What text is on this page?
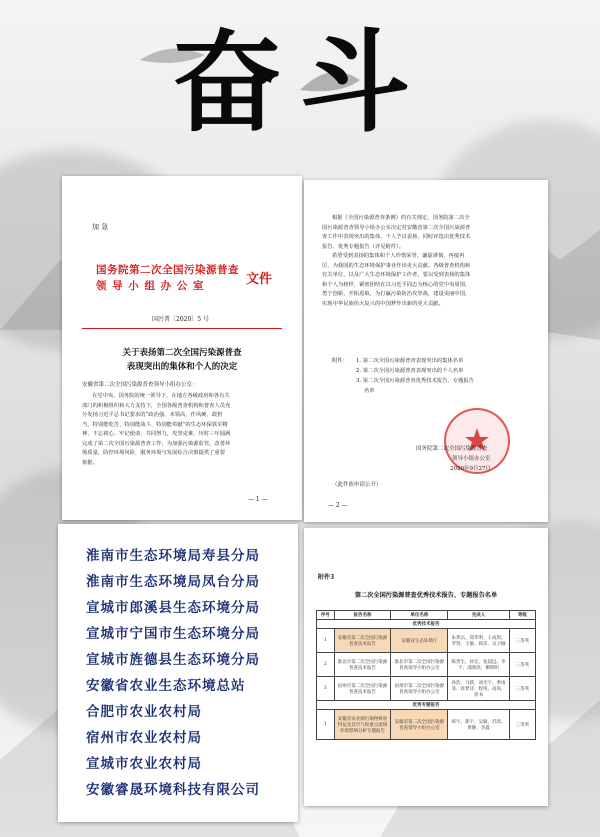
奋斗
加 急
国务院第二次全国污染源普查
领 导 小 组 办 公 室	文件
国污普〔2020〕5 号
关于表扬第二次全国污染源普查
表现突出的集体和个人的决定
安徽省第二次全国污染源普查领导小组办公室：
在党中央、国务院的统一领导下，在地方各级政府和各有关
部门的积极组织和大力支持下，全国各级普查机构和普查人员充
分发扬习近平总书记要求的“政治强、本领高、作风硬、敢担
当，特别能吃苦、特别能战斗、特别能奉献”的生态环保铁军精
神，不忘初心、牢记使命，共同努力，攻坚克难，历时三年圆满
完成了第二次全国污染源普查工作，为加强污染源监管，改善环
境质量，防控环境风险，服务环境与发展综合决策提供了重要
依据。
— 1 —
根据《全国污染源普查条例》的有关规定，国务院第二次全
国污染源普查领导小组办公室决定对安徽省第二次全国污染源普
查工作中表现突出的集体、个人予以表扬，同时评选出优秀技术
报告、优秀专题报告（详见附件）。
希望受到表扬的集体和个人珍惜荣誉，谦虚谨慎，再接再
厉，为我国的生态环境保护事业作出更大贡献。各级普查机构和
有关单位，以及广大生态环境保护工作者，要以受到表扬的集体
和个人为榜样，紧密团结在以习近平同志为核心的党中央周围，
勇于创新，开拓进取，为打赢污染防治攻坚战，建设美丽中国，
实现中华民族伟大复兴的中国梦作出新的更大贡献。
附件： 1. 第二次全国污染源普查表现突出的集体名单
2. 第二次全国污染源普查表现突出的个人名单
3. 第二次全国污染源普查优秀技术报告、专题报告
名单
国务院第二次全国污染源普查
领导小组办公室
2020年9月27日
（此件依申请公开）
— 2 —
淮南市生态环境局寿县分局
淮南市生态环境局凤台分局
宣城市郎溪县生态环境分局
宣城市宁国市生态环境分局
宣城市旌德县生态环境分局
安徽省农业生态环境总站
合肥市农业农村局
宿州市农业农村局
宣城市农业农村局
安徽睿晟环境科技有限公司
附件3
第二次全国污染源普查优秀技术报告、专题报告名单
序号	报告名称	单位名称	完成人	等级
优秀技术报告				
1	安徽省第二次全国污染源普查技术报告	安徽省生态环境厅	朱邦岳、郑华明、王成琪、罗贤、王敏、韩苗、吴卫刚	三等奖
2	淮北市第二次全国污染源普查技术报告	淮北市第二次全国污染源普查领导小组办公室	陈贵生、孙宏、张超远、李宇、邵欣欣、柳明明	三等奖
3	宿州市第二次全国污染源普查技术报告	宿州市第二次全国污染源普查领导小组办公室	孙浩、马跃、刘光宇、季雨菲、蒋梦诗、程纯、高尚、蒋书	三等奖
优秀专题报告				
1	安徽省农业源污染物排放特征及其空气和重点流域环境影响分析专题报告	安徽省第二次全国污染源普查领导小组办公室	韩宇、郑宇、吴敏、苏琦、黄静、李鑫	三等奖
